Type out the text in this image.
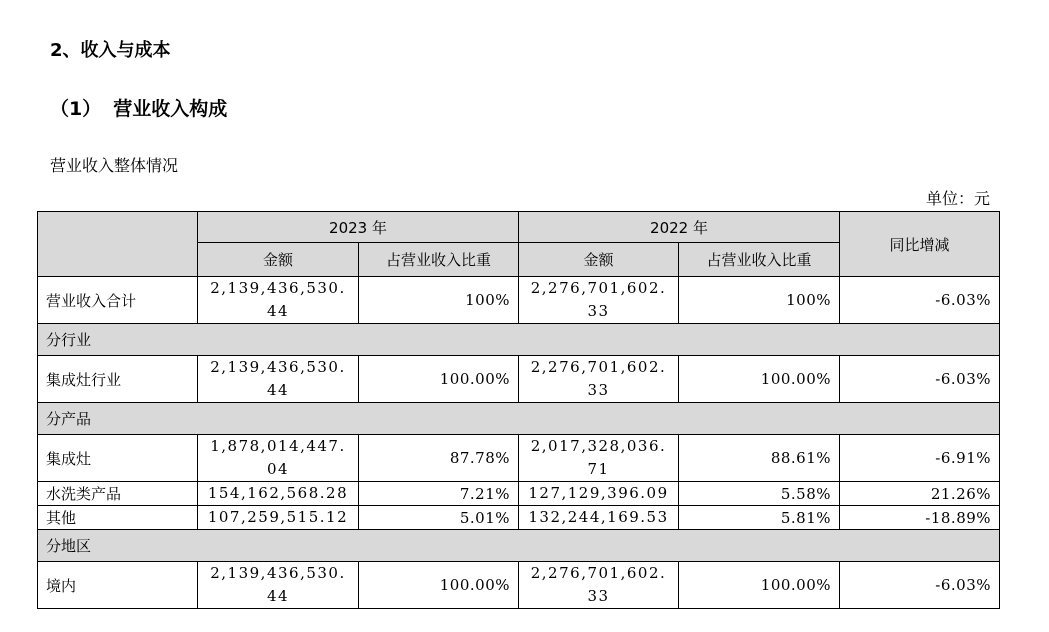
2、收入与成本
（1） 营业收入构成
营业收入整体情况
单位：元
	2023 年		2022 年		同比增减
	金额	占营业收入比重	金额	占营业收入比重	
营业收入合计	2,139,436,530.44	100%	2,276,701,602.33	100%	-6.03%
分行业					
集成灶行业	2,139,436,530.44	100.00%	2,276,701,602.33	100.00%	-6.03%
分产品					
集成灶	1,878,014,447.04	87.78%	2,017,328,036.71	88.61%	-6.91%
水洗类产品	154,162,568.28	7.21%	127,129,396.09	5.58%	21.26%
其他	107,259,515.12	5.01%	132,244,169.53	5.81%	-18.89%
分地区					
境内	2,139,436,530.44	100.00%	2,276,701,602.33	100.00%	-6.03%
